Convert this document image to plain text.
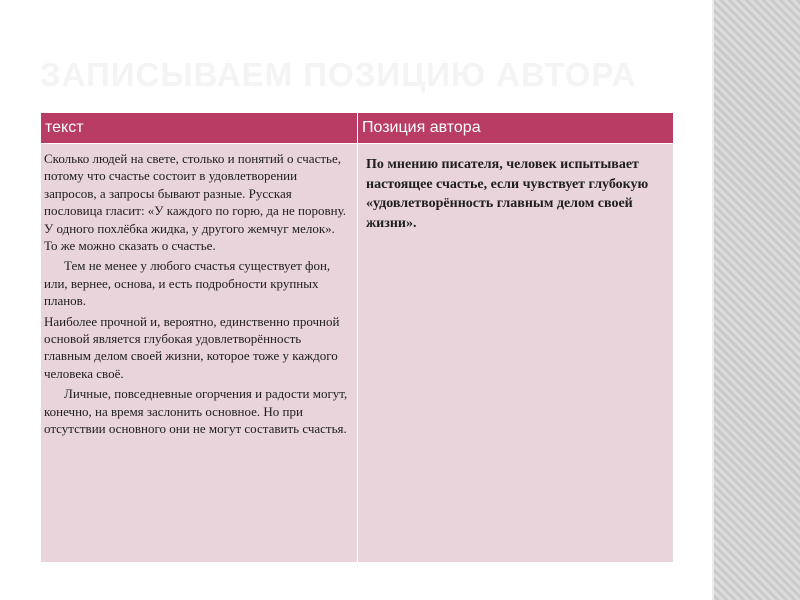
ЗАПИСЫВАЕМ ПОЗИЦИЮ АВТОРА
текст	Позиция автора

Сколько людей на свете, столько и понятий о счастье, потому что счастье состоит в удовлетворении запросов, а запросы бывают разные. Русская пословица гласит: «У каждого по горю, да не поровну. У одного похлёбка жидка, у другого жемчуг мелок». То же можно сказать о счастье.

Тем не менее у любого счастья существует фон, или, вернее, основа, и есть подробности крупных планов.

Наиболее прочной и, вероятно, единственно прочной основой является глубокая удовлетворённость главным делом своей жизни, которое тоже у каждого человека своё.

Личные, повседневные огорчения и радости могут, конечно, на время заслонить основное. Но при отсутствии основного они не могут составить счастья.	По мнению писателя, человек испытывает настоящее счастье, если чувствует глубокую «удовлетворённость главным делом своей жизни».
